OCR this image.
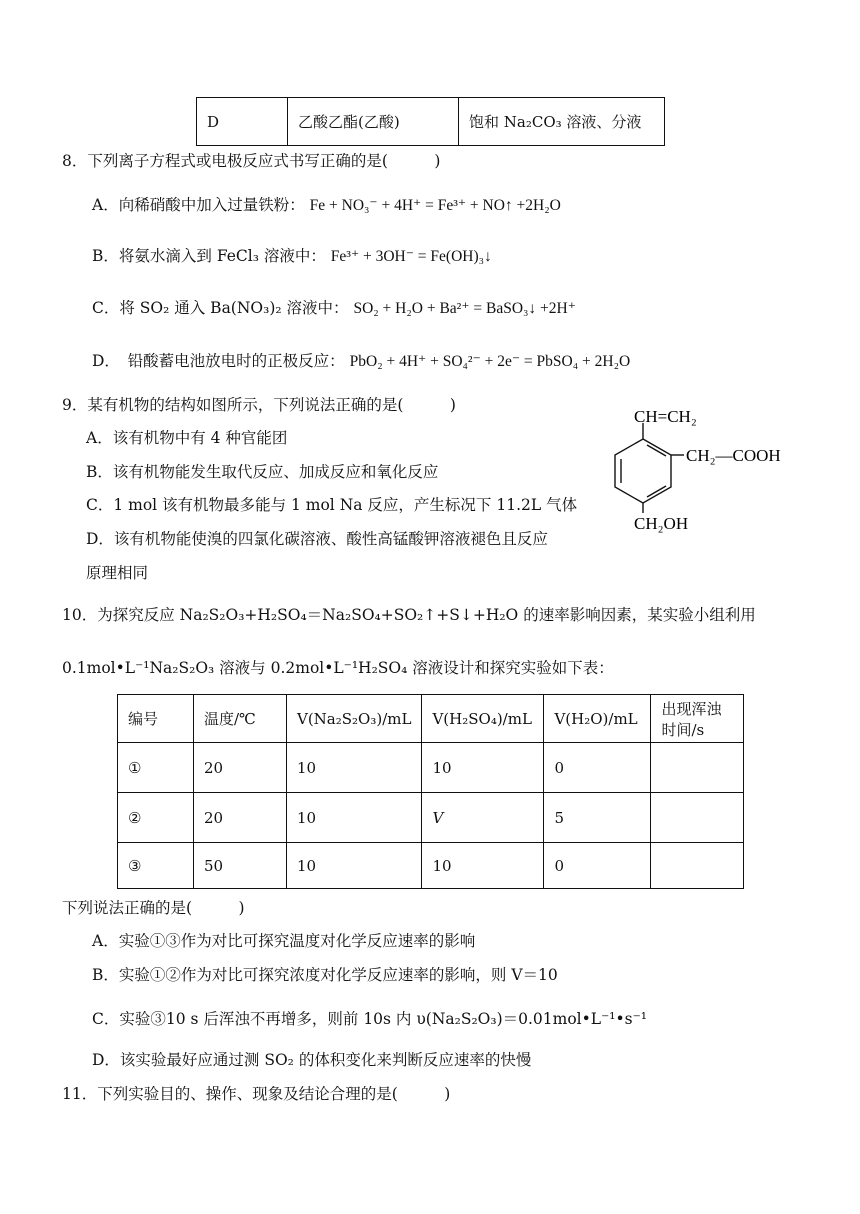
D	乙酸乙酯(乙酸)	饱和 Na₂CO₃ 溶液、分液
8．下列离子方程式或电极反应式书写正确的是(　　　)
A．向稀硝酸中加入过量铁粉： Fe + NO₃⁻ + 4H⁺ = Fe³⁺ + NO↑ +2H₂O
B．将氨水滴入到 FeCl₃ 溶液中： Fe³⁺ + 3OH⁻ = Fe(OH)₃↓
C．将 SO₂ 通入 Ba(NO₃)₂ 溶液中： SO₂ + H₂O + Ba²⁺ = BaSO₃↓ +2H⁺
D．　铅酸蓄电池放电时的正极反应： PbO₂ + 4H⁺ + SO₄²⁻ + 2e⁻ = PbSO₄ + 2H₂O
9．某有机物的结构如图所示，下列说法正确的是(　　　)
A．该有机物中有 4 种官能团
B．该有机物能发生取代反应、加成反应和氧化反应
C．1 mol 该有机物最多能与 1 mol Na 反应，产生标况下 11.2L 气体
D．该有机物能使溴的四氯化碳溶液、酸性高锰酸钾溶液褪色且反应
原理相同
CH=CH₂
CH₂—COOH
CH₂OH
10．为探究反应 Na₂S₂O₃+H₂SO₄＝Na₂SO₄+SO₂↑+S↓+H₂O 的速率影响因素，某实验小组利用
0.1mol•L⁻¹Na₂S₂O₃ 溶液与 0.2mol•L⁻¹H₂SO₄ 溶液设计和探究实验如下表：
编号	温度/℃	V(Na₂S₂O₃)/mL	V(H₂SO₄)/mL	V(H₂O)/mL	出现浑浊时间/s
①	20	10	10	0	
②	20	10	V	5	
③	50	10	10	0	
下列说法正确的是(　　　)
A．实验①③作为对比可探究温度对化学反应速率的影响
B．实验①②作为对比可探究浓度对化学反应速率的影响，则 V＝10
C．实验③10 s 后浑浊不再增多，则前 10s 内 υ(Na₂S₂O₃)＝0.01mol•L⁻¹•s⁻¹
D．该实验最好应通过测 SO₂ 的体积变化来判断反应速率的快慢
11．下列实验目的、操作、现象及结论合理的是(　　　)
